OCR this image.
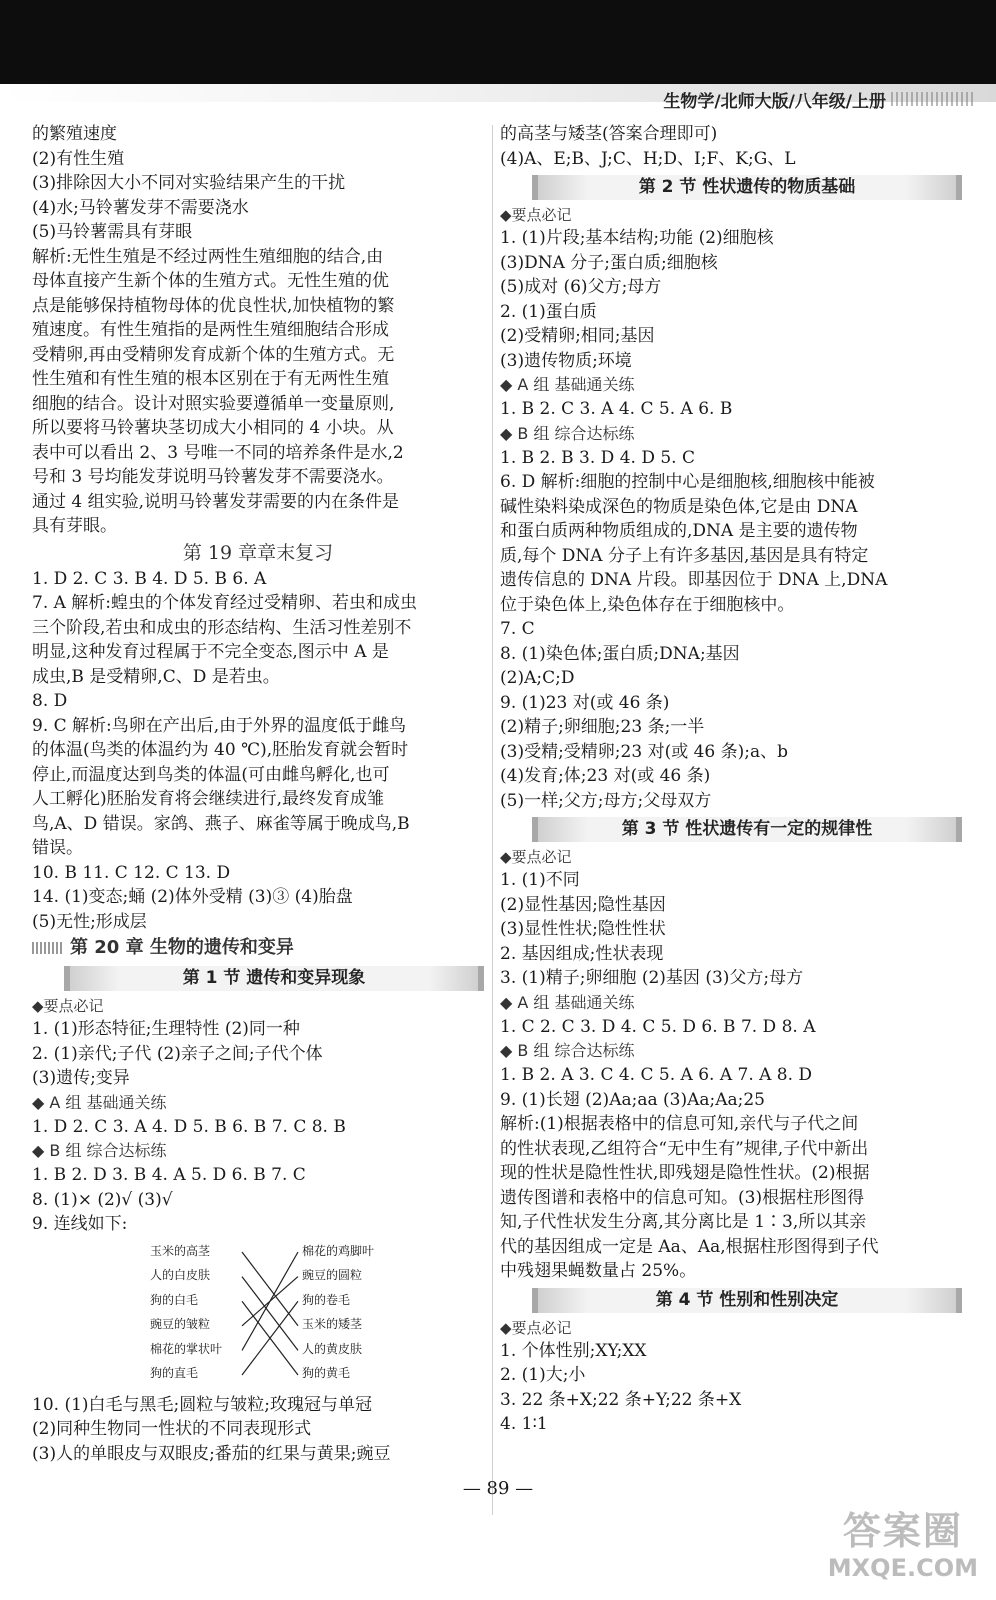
生物学/北师大版/八年级/上册
的繁殖速度
(2)有性生殖
(3)排除因大小不同对实验结果产生的干扰
(4)水;马铃薯发芽不需要浇水
(5)马铃薯需具有芽眼
解析:无性生殖是不经过两性生殖细胞的结合,由
母体直接产生新个体的生殖方式。无性生殖的优
点是能够保持植物母体的优良性状,加快植物的繁
殖速度。有性生殖指的是两性生殖细胞结合形成
受精卵,再由受精卵发育成新个体的生殖方式。无
性生殖和有性生殖的根本区别在于有无两性生殖
细胞的结合。设计对照实验要遵循单一变量原则,
所以要将马铃薯块茎切成大小相同的 4 小块。从
表中可以看出 2、3 号唯一不同的培养条件是水,2
号和 3 号均能发芽说明马铃薯发芽不需要浇水。
通过 4 组实验,说明马铃薯发芽需要的内在条件是
具有芽眼。
第 19 章章末复习
1. D 2. C 3. B 4. D 5. B 6. A
7. A 解析:蝗虫的个体发育经过受精卵、若虫和成虫
三个阶段,若虫和成虫的形态结构、生活习性差别不
明显,这种发育过程属于不完全变态,图示中 A 是
成虫,B 是受精卵,C、D 是若虫。
8. D
9. C 解析:鸟卵在产出后,由于外界的温度低于雌鸟
的体温(鸟类的体温约为 40 ℃),胚胎发育就会暂时
停止,而温度达到鸟类的体温(可由雌鸟孵化,也可
人工孵化)胚胎发育将会继续进行,最终发育成雏
鸟,A、D 错误。家鸽、燕子、麻雀等属于晚成鸟,B
错误。
10. B 11. C 12. C 13. D
14. (1)变态;蛹 (2)体外受精 (3)③ (4)胎盘
(5)无性;形成层
第 20 章 生物的遗传和变异
第 1 节 遗传和变异现象
◆要点必记
1. (1)形态特征;生理特性 (2)同一种
2. (1)亲代;子代 (2)亲子之间;子代个体
(3)遗传;变异
◆ A 组 基础通关练
1. D 2. C 3. A 4. D 5. B 6. B 7. C 8. B
◆ B 组 综合达标练
1. B 2. D 3. B 4. A 5. D 6. B 7. C
8. (1)× (2)√ (3)√
9. 连线如下:
玉米的高茎
人的白皮肤
狗的白毛
豌豆的皱粒
棉花的掌状叶
狗的直毛
棉花的鸡脚叶
豌豆的圆粒
狗的卷毛
玉米的矮茎
人的黄皮肤
狗的黄毛
10. (1)白毛与黑毛;圆粒与皱粒;玫瑰冠与单冠
(2)同种生物同一性状的不同表现形式
(3)人的单眼皮与双眼皮;番茄的红果与黄果;豌豆
的高茎与矮茎(答案合理即可)
(4)A、E;B、J;C、H;D、I;F、K;G、L
第 2 节 性状遗传的物质基础
◆要点必记
1. (1)片段;基本结构;功能 (2)细胞核
(3)DNA 分子;蛋白质;细胞核
(5)成对 (6)父方;母方
2. (1)蛋白质
(2)受精卵;相同;基因
(3)遗传物质;环境
◆ A 组 基础通关练
1. B 2. C 3. A 4. C 5. A 6. B
◆ B 组 综合达标练
1. B 2. B 3. D 4. D 5. C
6. D 解析:细胞的控制中心是细胞核,细胞核中能被
碱性染料染成深色的物质是染色体,它是由 DNA
和蛋白质两种物质组成的,DNA 是主要的遗传物
质,每个 DNA 分子上有许多基因,基因是具有特定
遗传信息的 DNA 片段。即基因位于 DNA 上,DNA
位于染色体上,染色体存在于细胞核中。
7. C
8. (1)染色体;蛋白质;DNA;基因
(2)A;C;D
9. (1)23 对(或 46 条)
(2)精子;卵细胞;23 条;一半
(3)受精;受精卵;23 对(或 46 条);a、b
(4)发育;体;23 对(或 46 条)
(5)一样;父方;母方;父母双方
第 3 节 性状遗传有一定的规律性
◆要点必记
1. (1)不同
(2)显性基因;隐性基因
(3)显性性状;隐性性状
2. 基因组成;性状表现
3. (1)精子;卵细胞 (2)基因 (3)父方;母方
◆ A 组 基础通关练
1. C 2. C 3. D 4. C 5. D 6. B 7. D 8. A
◆ B 组 综合达标练
1. B 2. A 3. C 4. C 5. A 6. A 7. A 8. D
9. (1)长翅 (2)Aa;aa (3)Aa;Aa;25
解析:(1)根据表格中的信息可知,亲代与子代之间
的性状表现,乙组符合“无中生有”规律,子代中新出
现的性状是隐性性状,即残翅是隐性性状。(2)根据
遗传图谱和表格中的信息可知。(3)根据柱形图得
知,子代性状发生分离,其分离比是 1∶3,所以其亲
代的基因组成一定是 Aa、Aa,根据柱形图得到子代
中残翅果蝇数量占 25%。
第 4 节 性别和性别决定
◆要点必记
1. 个体性别;XY;XX
2. (1)大;小
3. 22 条+X;22 条+Y;22 条+X
4. 1∶1
— 89 —
答案圈
MXQE.COM
